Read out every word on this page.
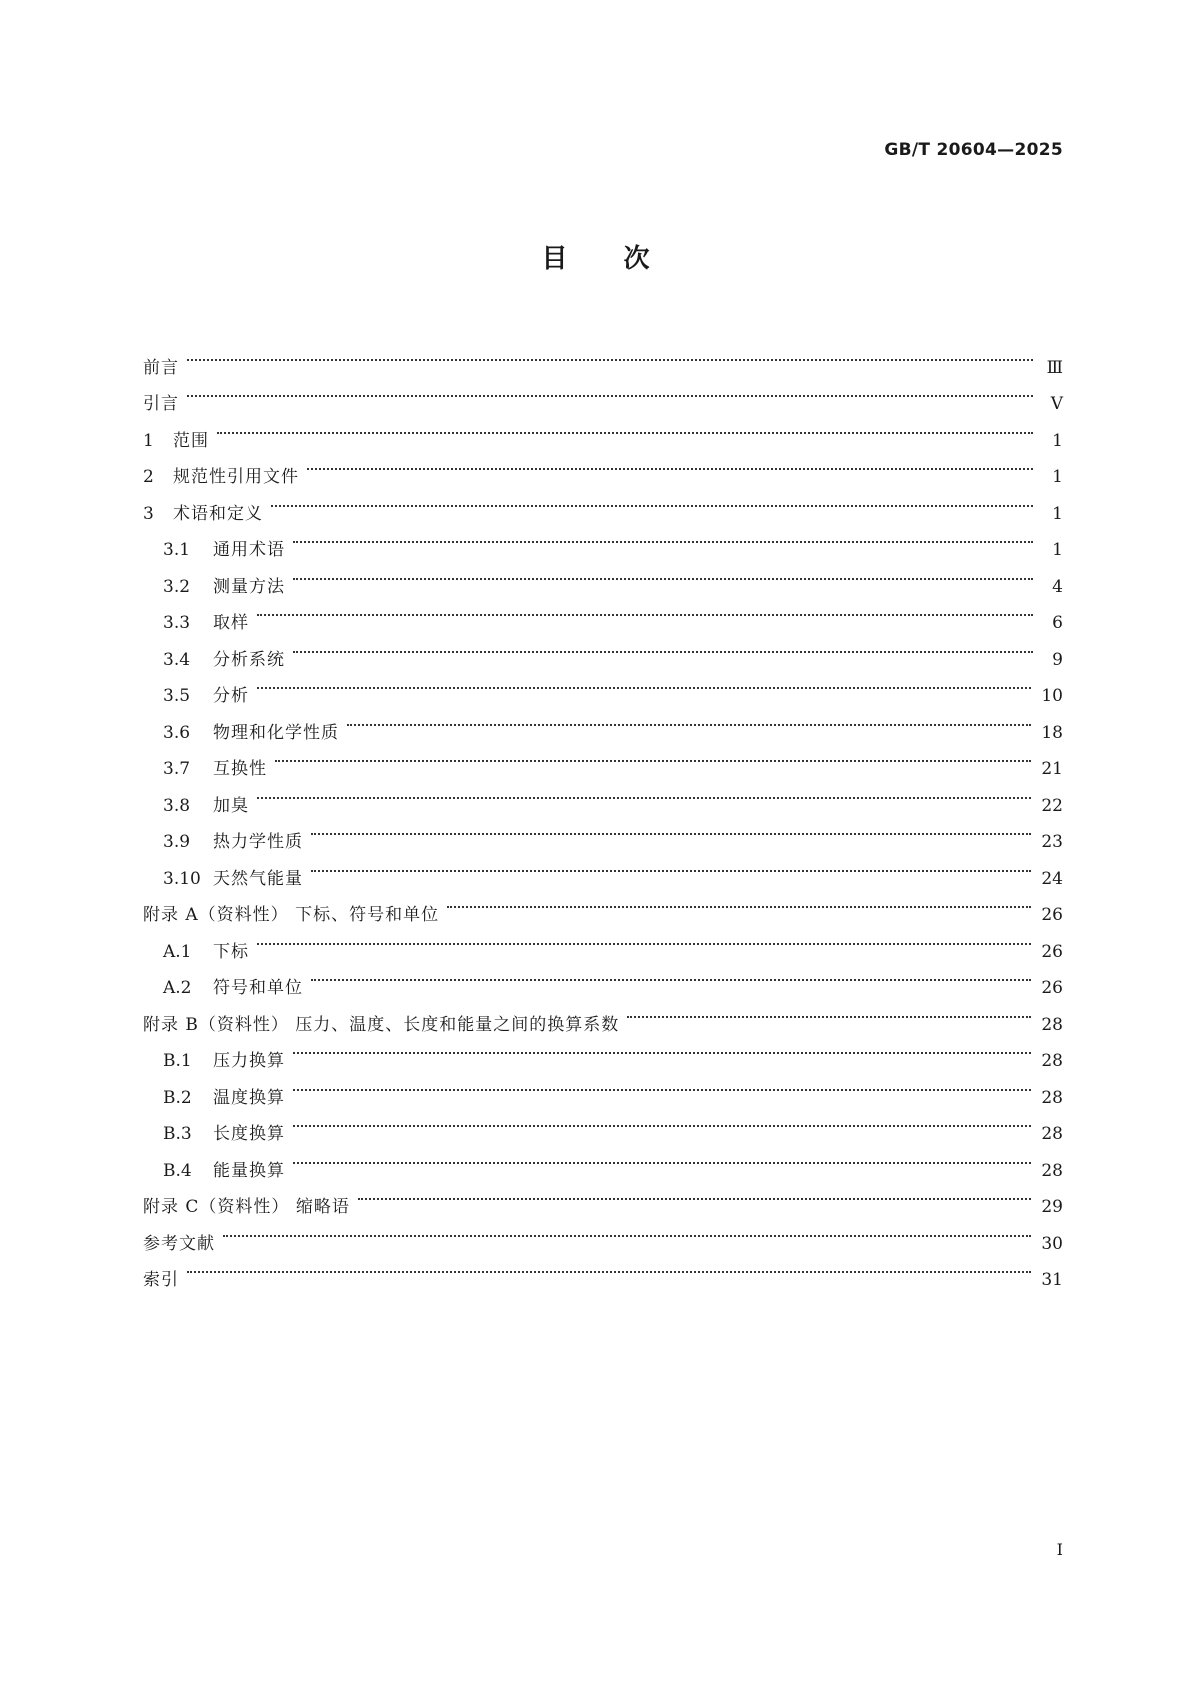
GB/T 20604—2025
目 次
前言	Ⅲ
引言	Ⅴ
1	范围	1
2	规范性引用文件	1
3	术语和定义	1
3.1	通用术语	1
3.2	测量方法	4
3.3	取样	6
3.4	分析系统	9
3.5	分析	10
3.6	物理和化学性质	18
3.7	互换性	21
3.8	加臭	22
3.9	热力学性质	23
3.10 天然气能量	24
附录 A（资料性） 下标、符号和单位	26
A.1	下标	26
A.2	符号和单位	26
附录 B（资料性） 压力、温度、长度和能量之间的换算系数	28
B.1	压力换算	28
B.2	温度换算	28
B.3	长度换算	28
B.4	能量换算	28
附录 C（资料性） 缩略语	29
参考文献	30
索引	31
Ⅰ
